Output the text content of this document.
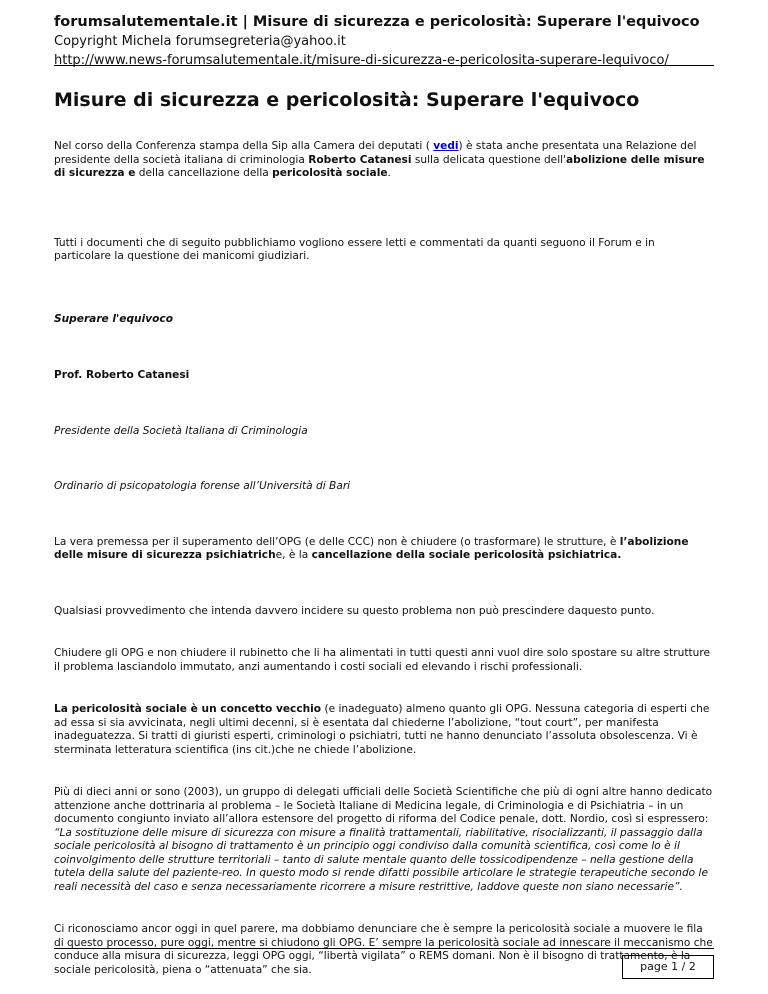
forumsalutementale.it | Misure di sicurezza e pericolosità: Superare l'equivoco
Copyright Michela forumsegreteria@yahoo.it
http://www.news-forumsalutementale.it/misure-di-sicurezza-e-pericolosita-superare-lequivoco/
Misure di sicurezza e pericolosità: Superare l'equivoco

Nel corso della Conferenza stampa della Sip alla Camera dei deputati ( vedi) è stata anche presentata una Relazione del presidente della società italiana di criminologia Roberto Catanesi sulla delicata questione dell'abolizione delle misure di sicurezza e della cancellazione della pericolosità sociale.

Tutti i documenti che di seguito pubblichiamo vogliono essere letti e commentati da quanti seguono il Forum e in particolare la questione dei manicomi giudiziari.

Superare l'equivoco

Prof. Roberto Catanesi

Presidente della Società Italiana di Criminologia

Ordinario di psicopatologia forense all’Università di Bari

La vera premessa per il superamento dell’OPG (e delle CCC) non è chiudere (o trasformare) le strutture, è l’abolizione delle misure di sicurezza psichiatriche, è la cancellazione della sociale pericolosità psichiatrica.

Qualsiasi provvedimento che intenda davvero incidere su questo problema non può prescindere daquesto punto.

Chiudere gli OPG e non chiudere il rubinetto che li ha alimentati in tutti questi anni vuol dire solo spostare su altre strutture il problema lasciandolo immutato, anzi aumentando i costi sociali ed elevando i rischi professionali.

La pericolosità sociale è un concetto vecchio (e inadeguato) almeno quanto gli OPG. Nessuna categoria di esperti che ad essa si sia avvicinata, negli ultimi decenni, si è esentata dal chiederne l’abolizione, “tout court”, per manifesta inadeguatezza. Si tratti di giuristi esperti, criminologi o psichiatri, tutti ne hanno denunciato l’assoluta obsolescenza. Vi è sterminata letteratura scientifica (ins cit.)che ne chiede l’abolizione.

Più di dieci anni or sono (2003), un gruppo di delegati ufficiali delle Società Scientifiche che più di ogni altre hanno dedicato attenzione anche dottrinaria al problema – le Società Italiane di Medicina legale, di Criminologia e di Psichiatria – in un documento congiunto inviato all’allora estensore del progetto di riforma del Codice penale, dott. Nordio, così si espressero: “La sostituzione delle misure di sicurezza con misure a finalità trattamentali, riabilitative, risocializzanti, il passaggio dalla sociale pericolosità al bisogno di trattamento è un principio oggi condiviso dalla comunità scientifica, così come lo è il coinvolgimento delle strutture territoriali – tanto di salute mentale quanto delle tossicodipendenze – nella gestione della tutela della salute del paziente-reo. In questo modo si rende difatti possibile articolare le strategie terapeutiche secondo le reali necessità del caso e senza necessariamente ricorrere a misure restrittive, laddove queste non siano necessarie”.

Ci riconosciamo ancor oggi in quel parere, ma dobbiamo denunciare che è sempre la pericolosità sociale a muovere le fila di questo processo, pure oggi, mentre si chiudono gli OPG. E’ sempre la pericolosità sociale ad innescare il meccanismo che conduce alla misura di sicurezza, leggi OPG oggi, “libertà vigilata” o REMS domani. Non è il bisogno di trattamento, è la sociale pericolosità, piena o “attenuata” che sia.	page 1 / 2
